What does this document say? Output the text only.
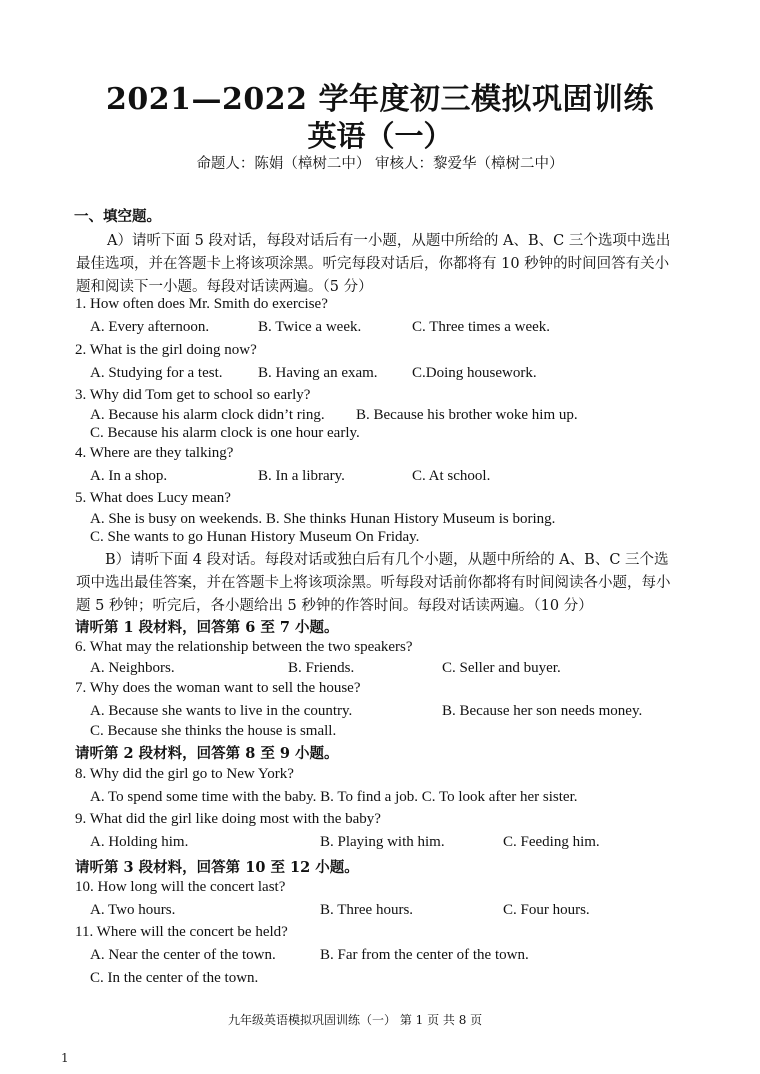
2021—2022 学年度初三模拟巩固训练
英语（一）
命题人：陈娟（樟树二中） 审核人：黎爱华（樟树二中）
一、填空题。
A）请听下面 5 段对话，每段对话后有一小题，从题中所给的 A、B、C 三个选项中选出
最佳选项，并在答题卡上将该项涂黑。听完每段对话后，你都将有 10 秒钟的时间回答有关小
题和阅读下一小题。每段对话读两遍。（5 分）
1. How often does Mr. Smith do exercise?
A. Every afternoon.	B. Twice a week.	C. Three times a week.
2. What is the girl doing now?
A. Studying for a test. B. Having an exam. C.Doing housework.
3. Why did Tom get to school so early?
A. Because his alarm clock didn’t ring. B. Because his brother woke him up.
C. Because his alarm clock is one hour early.
4. Where are they talking?
A. In a shop.	B. In a library.	C. At school.
5. What does Lucy mean?
A. She is busy on weekends. B. She thinks Hunan History Museum is boring.
C. She wants to go Hunan History Museum On Friday.
B）请听下面 4 段对话。每段对话或独白后有几个小题，从题中所给的 A、B、C 三个选
项中选出最佳答案，并在答题卡上将该项涂黑。听每段对话前你都将有时间阅读各小题，每小
题 5 秒钟；听完后，各小题给出 5 秒钟的作答时间。每段对话读两遍。（10 分）
请听第 1 段材料，回答第 6 至 7 小题。
6. What may the relationship between the two speakers?
A. Neighbors.	B. Friends.	C. Seller and buyer.
7. Why does the woman want to sell the house?
A. Because she wants to live in the country.	B. Because her son needs money.
C. Because she thinks the house is small.
请听第 2 段材料，回答第 8 至 9 小题。
8. Why did the girl go to New York?
A. To spend some time with the baby. B. To find a job. C. To look after her sister.
9. What did the girl like doing most with the baby?
A. Holding him.	B. Playing with him.	C. Feeding him.
请听第 3 段材料，回答第 10 至 12 小题。
10. How long will the concert last?
A. Two hours.	B. Three hours.	C. Four hours.
11. Where will the concert be held?
A. Near the center of the town.	B. Far from the center of the town.
C. In the center of the town.
九年级英语模拟巩固训练（一） 第 1 页 共 8 页
1
